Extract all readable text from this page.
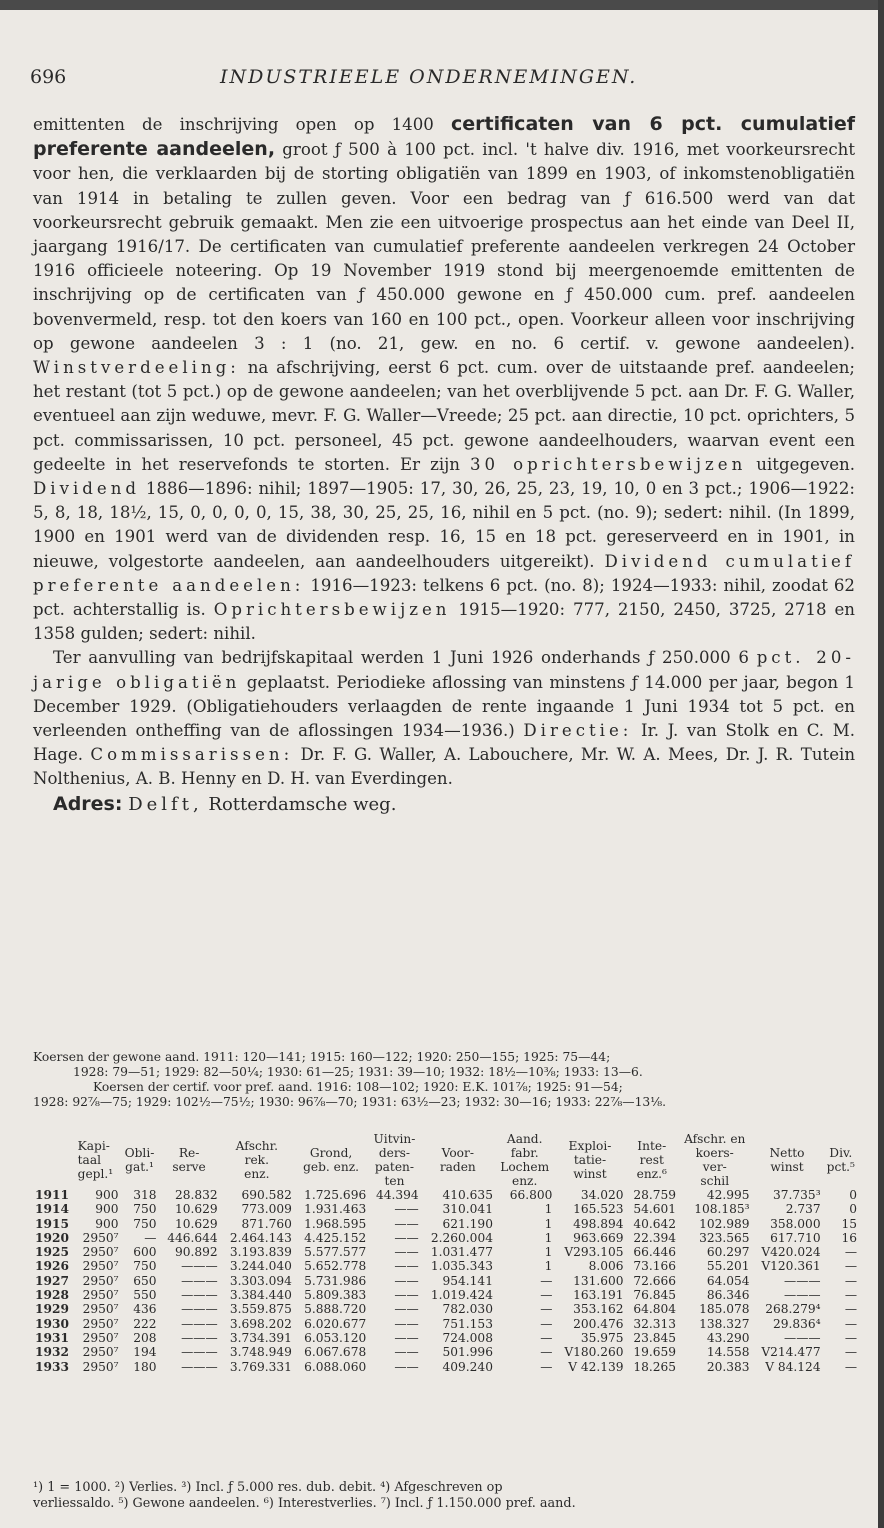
696	INDUSTRIEELE ONDERNEMINGEN.

emittenten de inschrijving open op 1400 certificaten van 6 pct. cumulatief preferente aandeelen, groot ƒ 500 à 100 pct. incl. 't halve div. 1916, met voorkeursrecht voor hen, die verklaarden bij de storting obligatiën van 1899 en 1903, of inkomstenobligatiën van 1914 in betaling te zullen geven. Voor een bedrag van ƒ 616.500 werd van dat voorkeursrecht gebruik gemaakt. Men zie een uitvoerige prospectus aan het einde van Deel II, jaargang 1916/17. De certificaten van cumulatief preferente aandeelen verkregen 24 October 1916 officieele noteering. Op 19 November 1919 stond bij meergenoemde emittenten de inschrijving op de certificaten van ƒ 450.000 gewone en ƒ 450.000 cum. pref. aandeelen bovenvermeld, resp. tot den koers van 160 en 100 pct., open. Voorkeur alleen voor inschrijving op gewone aandeelen 3 : 1 (no. 21, gew. en no. 6 certif. v. gewone aandeelen). Winstverdeeling: na afschrijving, eerst 6 pct. cum. over de uitstaande pref. aandeelen; het restant (tot 5 pct.) op de gewone aandeelen; van het overblijvende 5 pct. aan Dr. F. G. Waller, eventueel aan zijn weduwe, mevr. F. G. Waller—Vreede; 25 pct. aan directie, 10 pct. oprichters, 5 pct. commissarissen, 10 pct. personeel, 45 pct. gewone aandeelhouders, waarvan event een gedeelte in het reservefonds te storten. Er zijn 30 oprichtersbewijzen uitgegeven. Dividend 1886—1896: nihil; 1897—1905: 17, 30, 26, 25, 23, 19, 10, 0 en 3 pct.; 1906—1922: 5, 8, 18, 18½, 15, 0, 0, 0, 0, 15, 38, 30, 25, 25, 16, nihil en 5 pct. (no. 9); sedert: nihil. (In 1899, 1900 en 1901 werd van de dividenden resp. 16, 15 en 18 pct. gereserveerd en in 1901, in nieuwe, volgestorte aandeelen, aan aandeelhouders uitgereikt). Dividend cumulatief preferente aandeelen: 1916—1923: telkens 6 pct. (no. 8); 1924—1933: nihil, zoodat 62 pct. achterstallig is. Oprichtersbewijzen 1915—1920: 777, 2150, 2450, 3725, 2718 en 1358 gulden; sedert: nihil.

Ter aanvulling van bedrijfskapitaal werden 1 Juni 1926 onderhands ƒ 250.000 6 pct. 20-jarige obligatiën geplaatst. Periodieke aflossing van minstens ƒ 14.000 per jaar, begon 1 December 1929. (Obligatiehouders verlaagden de rente ingaande 1 Juni 1934 tot 5 pct. en verleenden ontheffing van de aflossingen 1934—1936.) Directie: Ir. J. van Stolk en C. M. Hage. Commissarissen: Dr. F. G. Waller, A. Labouchere, Mr. W. A. Mees, Dr. J. R. Tutein Nolthenius, A. B. Henny en D. H. van Everdingen.

Adres: Delft, Rotterdamsche weg.

Koersen der gewone aand. 1911: 120—141; 1915: 160—122; 1920: 250—155; 1925: 75—44;

1928: 79—51; 1929: 82—50¼; 1930: 61—25; 1931: 39—10; 1932: 18½—10⅜; 1933: 13—6.

Koersen der certif. voor pref. aand. 1916: 108—102; 1920: E.K. 101⅞; 1925: 91—54;

1928: 92⅞—75; 1929: 102½—75½; 1930: 96⅞—70; 1931: 63½—23; 1932: 30—16; 1933: 22⅞—13⅛.

	Kapi-
taal
gepl.¹	Obli-
gat.¹	Re-
serve	Afschr.
rek.
enz.	Grond,
geb. enz.	Uitvin-
ders-
paten-
ten	Voor-
raden	Aand.
fabr.
Lochem
enz.	Exploi-
tatie-
winst	Inte-
rest
enz.⁶	Afschr. en
koers-
ver-
schil	Netto
winst	Div.
pct.⁵
1911	900	318	28.832	690.582	1.725.696	44.394	410.635	66.800	34.020	28.759	42.995	37.735³	0
1914	900	750	10.629	773.009	1.931.463	——	310.041	1	165.523	54.601	108.185³	2.737	0
1915	900	750	10.629	871.760	1.968.595	——	621.190	1	498.894	40.642	102.989	358.000	15
1920	2950⁷	—	446.644	2.464.143	4.425.152	——	2.260.004	1	963.669	22.394	323.565	617.710	16
1925	2950⁷	600	90.892	3.193.839	5.577.577	——	1.031.477	1	V293.105	66.446	60.297	V420.024	—
1926	2950⁷	750	———	3.244.040	5.652.778	——	1.035.343	1	8.006	73.166	55.201	V120.361	—
1927	2950⁷	650	———	3.303.094	5.731.986	——	954.141	—	131.600	72.666	64.054	———	—
1928	2950⁷	550	———	3.384.440	5.809.383	——	1.019.424	—	163.191	76.845	86.346	———	—
1929	2950⁷	436	———	3.559.875	5.888.720	——	782.030	—	353.162	64.804	185.078	268.279⁴	—
1930	2950⁷	222	———	3.698.202	6.020.677	——	751.153	—	200.476	32.313	138.327	29.836⁴	—
1931	2950⁷	208	———	3.734.391	6.053.120	——	724.008	—	35.975	23.845	43.290	———	—
1932	2950⁷	194	———	3.748.949	6.067.678	——	501.996	—	V180.260	19.659	14.558	V214.477	—
1933	2950⁷	180	———	3.769.331	6.088.060	——	409.240	—	V 42.139	18.265	20.383	V 84.124	—

¹) 1 = 1000. ²) Verlies. ³) Incl. ƒ 5.000 res. dub. debit. ⁴) Afgeschreven op

verliessaldo. ⁵) Gewone aandeelen. ⁶) Interestverlies. ⁷) Incl. ƒ 1.150.000 pref. aand.
